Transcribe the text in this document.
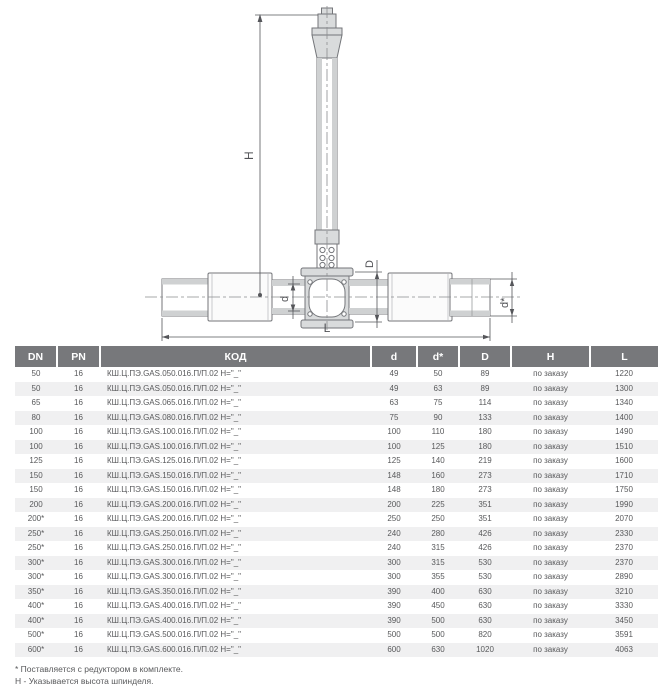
H
L
d
D
d*
DN	PN	КОД	d	d*	D	H	L
50	16	КШ.Ц.ПЭ.GAS.050.016.П/П.02 Н="_"	49	50	89	по заказу	1220
50	16	КШ.Ц.ПЭ.GAS.050.016.П/П.02 Н="_"	49	63	89	по заказу	1300
65	16	КШ.Ц.ПЭ.GAS.065.016.П/П.02 Н="_"	63	75	114	по заказу	1340
80	16	КШ.Ц.ПЭ.GAS.080.016.П/П.02 Н="_"	75	90	133	по заказу	1400
100	16	КШ.Ц.ПЭ.GAS.100.016.П/П.02 Н="_"	100	110	180	по заказу	1490
100	16	КШ.Ц.ПЭ.GAS.100.016.П/П.02 Н="_"	100	125	180	по заказу	1510
125	16	КШ.Ц.ПЭ.GAS.125.016.П/П.02 Н="_"	125	140	219	по заказу	1600
150	16	КШ.Ц.ПЭ.GAS.150.016.П/П.02 Н="_"	148	160	273	по заказу	1710
150	16	КШ.Ц.ПЭ.GAS.150.016.П/П.02 Н="_"	148	180	273	по заказу	1750
200	16	КШ.Ц.ПЭ.GAS.200.016.П/П.02 Н="_"	200	225	351	по заказу	1990
200*	16	КШ.Ц.ПЭ.GAS.200.016.П/П.02 Н="_"	250	250	351	по заказу	2070
250*	16	КШ.Ц.ПЭ.GAS.250.016.П/П.02 Н="_"	240	280	426	по заказу	2330
250*	16	КШ.Ц.ПЭ.GAS.250.016.П/П.02 Н="_"	240	315	426	по заказу	2370
300*	16	КШ.Ц.ПЭ.GAS.300.016.П/П.02 Н="_"	300	315	530	по заказу	2370
300*	16	КШ.Ц.ПЭ.GAS.300.016.П/П.02 Н="_"	300	355	530	по заказу	2890
350*	16	КШ.Ц.ПЭ.GAS.350.016.П/П.02 Н="_"	390	400	630	по заказу	3210
400*	16	КШ.Ц.ПЭ.GAS.400.016.П/П.02 Н="_"	390	450	630	по заказу	3330
400*	16	КШ.Ц.ПЭ.GAS.400.016.П/П.02 Н="_"	390	500	630	по заказу	3450
500*	16	КШ.Ц.ПЭ.GAS.500.016.П/П.02 Н="_"	500	500	820	по заказу	3591
600*	16	КШ.Ц.ПЭ.GAS.600.016.П/П.02 Н="_"	600	630	1020	по заказу	4063
* Поставляется с редуктором в комплекте.
Н - Указывается высота шпинделя.
